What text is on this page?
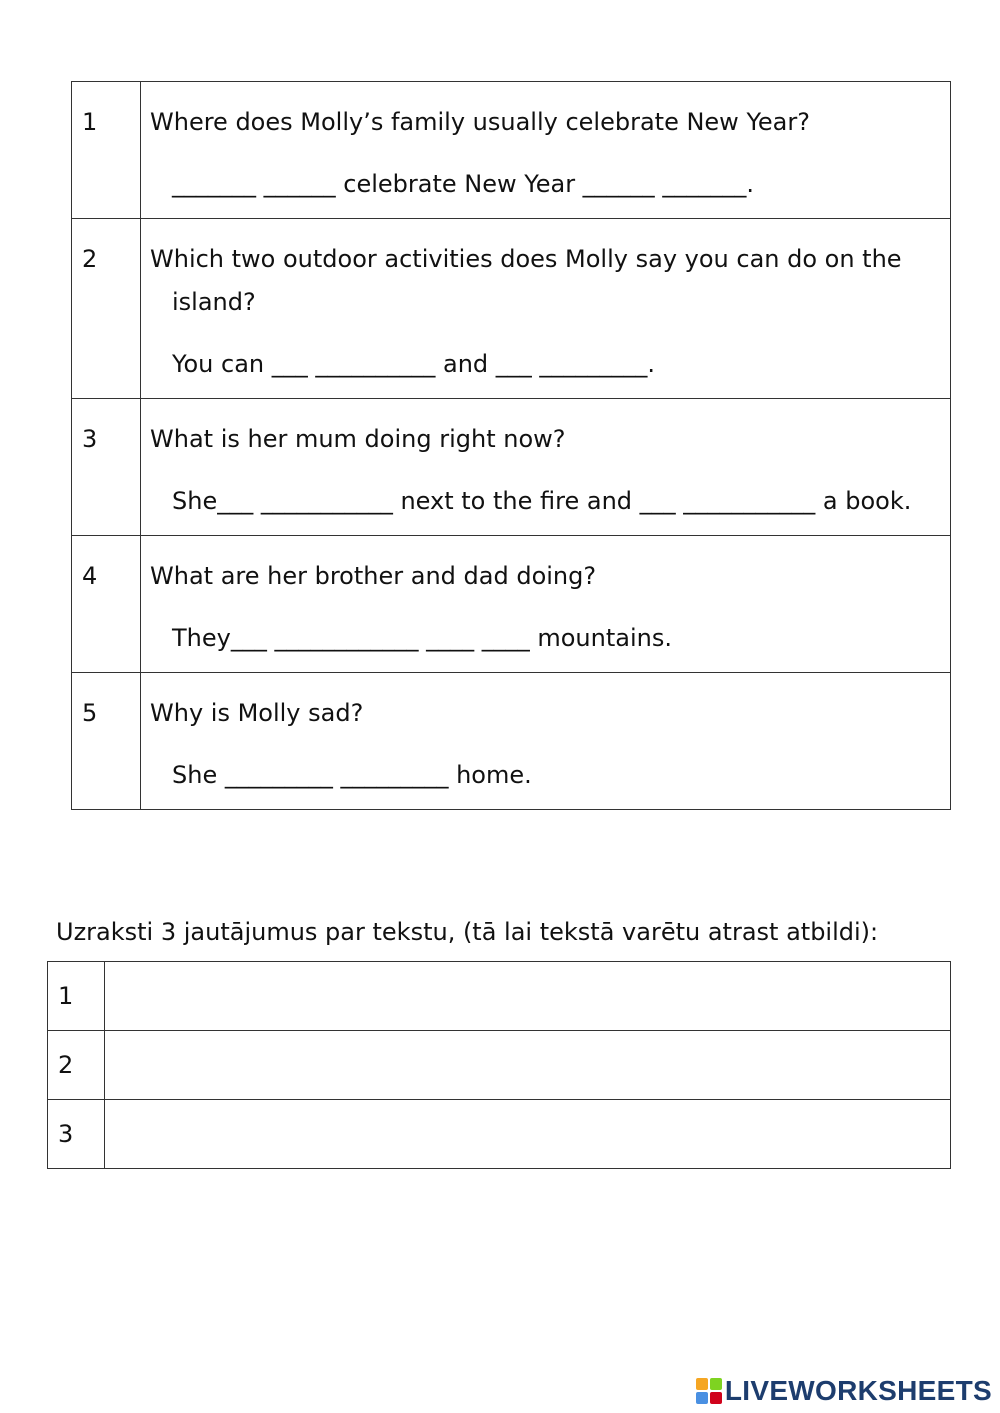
1	Where does Molly’s family usually celebrate New Year?

_______ ______ celebrate New Year ______ _______.

2	Which two outdoor activities does Molly say you can do on the island?

You can ___ __________ and ___ _________.

3	What is her mum doing right now?

She___ ___________ next to the fire and ___ ___________ a book.

4	What are her brother and dad doing?

They___ ____________ ____ ____ mountains.

5	Why is Molly sad?

She _________ _________ home.

Uzraksti 3 jautājumus par tekstu, (tā lai tekstā varētu atrast atbildi):

1	
2	
3	
LIVEWORKSHEETS
